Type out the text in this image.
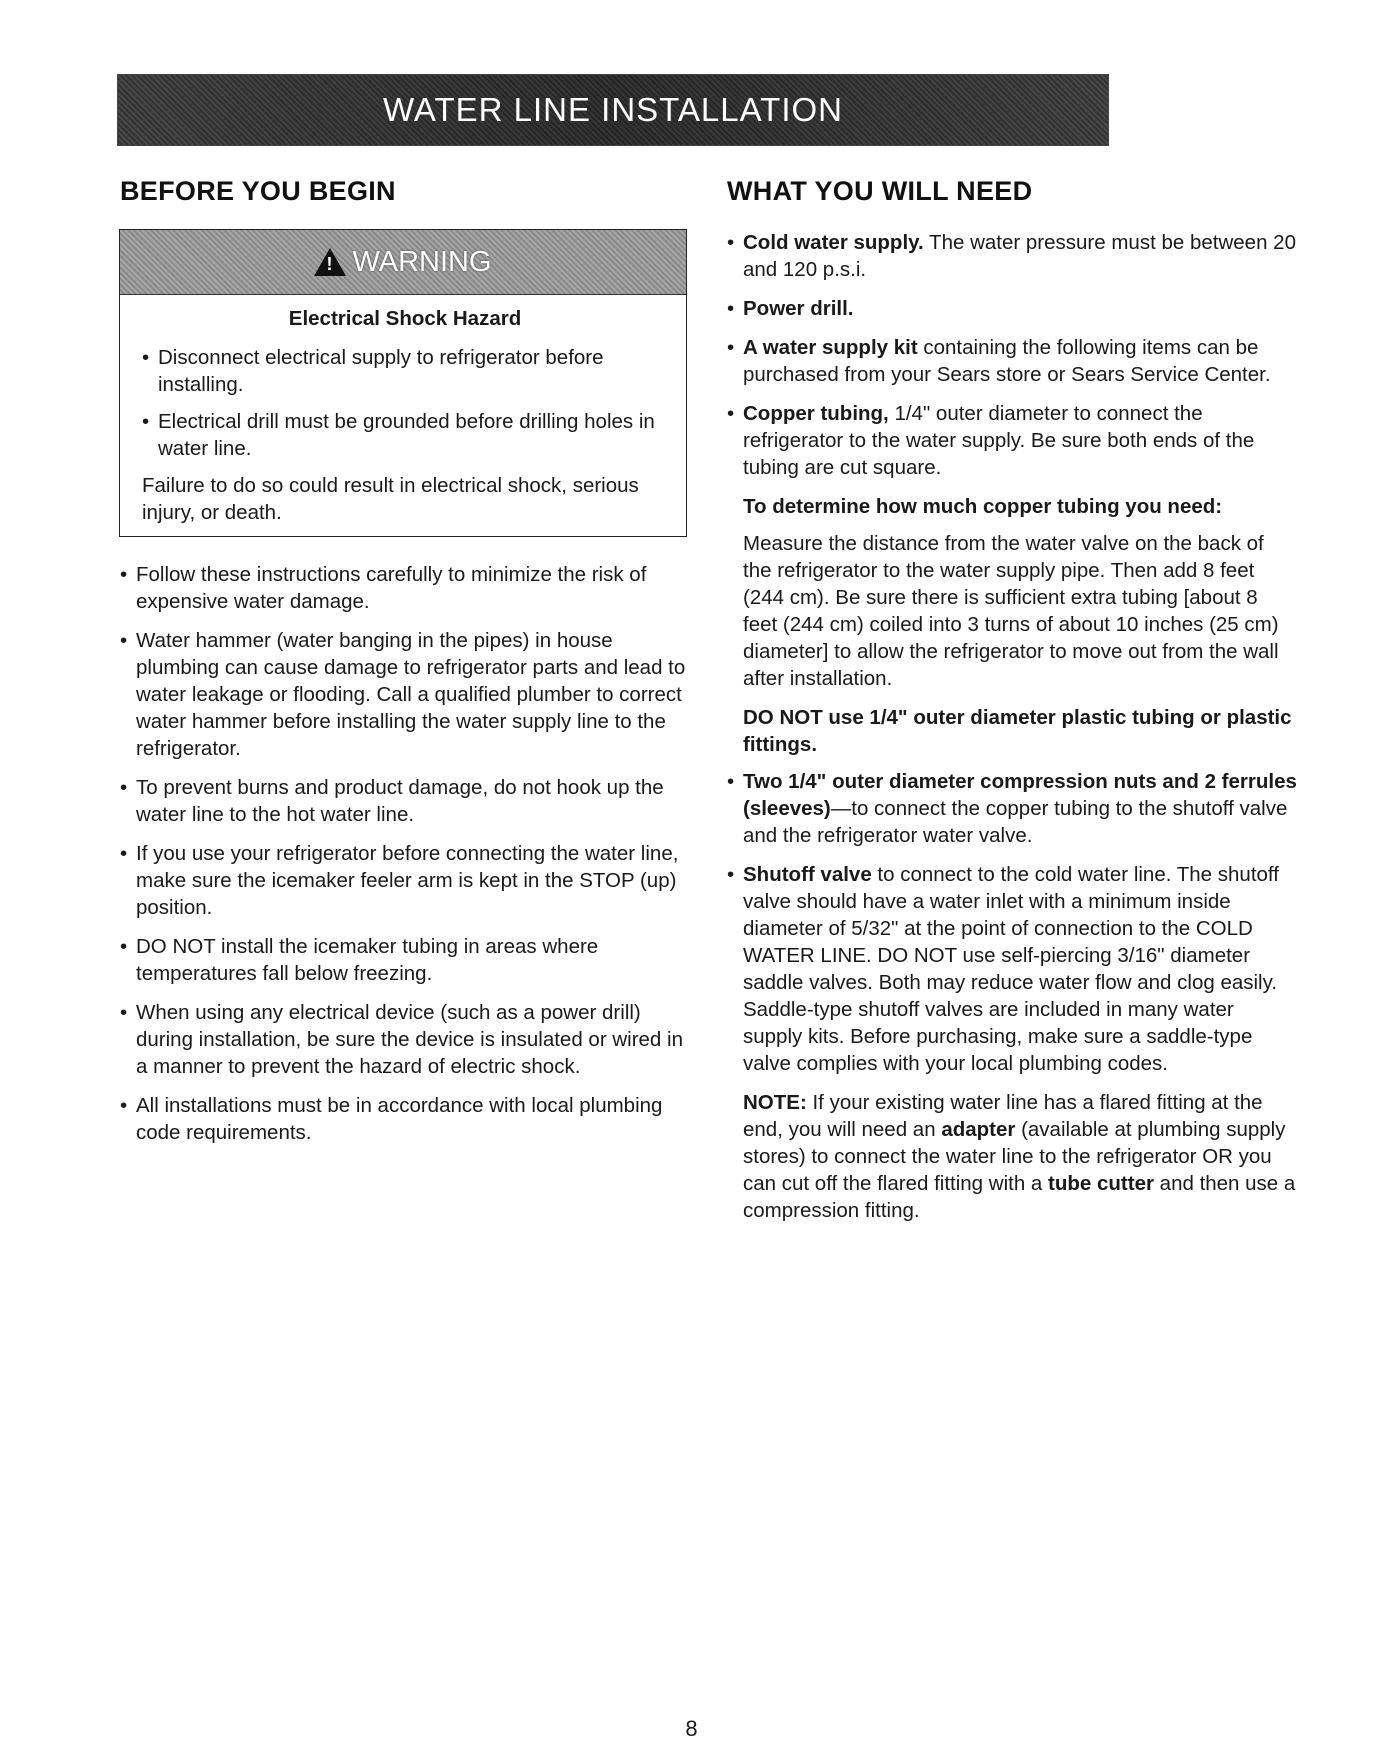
WATER LINE INSTALLATION
BEFORE YOU BEGIN
!
WARNING
Electrical Shock Hazard
• Disconnect electrical supply to refrigerator before installing.
• Electrical drill must be grounded before drilling holes in water line.
Failure to do so could result in electrical shock, serious injury, or death.
• Follow these instructions carefully to minimize the risk of expensive water damage.
• Water hammer (water banging in the pipes) in house plumbing can cause damage to refrigerator parts and lead to water leakage or flooding. Call a qualified plumber to correct water hammer before installing the water supply line to the refrigerator.
• To prevent burns and product damage, do not hook up the water line to the hot water line.
• If you use your refrigerator before connecting the water line, make sure the icemaker feeler arm is kept in the STOP (up) position.
• DO NOT install the icemaker tubing in areas where temperatures fall below freezing.
• When using any electrical device (such as a power drill) during installation, be sure the device is insulated or wired in a manner to prevent the hazard of electric shock.
• All installations must be in accordance with local plumbing code requirements.
WHAT YOU WILL NEED
• Cold water supply. The water pressure must be between 20 and 120 p.s.i.
• Power drill.
• A water supply kit containing the following items can be purchased from your Sears store or Sears Service Center.
• Copper tubing, 1/4" outer diameter to connect the refrigerator to the water supply. Be sure both ends of the tubing are cut square.
To determine how much copper tubing you need:
Measure the distance from the water valve on the back of the refrigerator to the water supply pipe. Then add 8 feet (244 cm). Be sure there is sufficient extra tubing [about 8 feet (244 cm) coiled into 3 turns of about 10 inches (25 cm) diameter] to allow the refrigerator to move out from the wall after installation.
DO NOT use 1/4" outer diameter plastic tubing or plastic fittings.
• Two 1/4" outer diameter compression nuts and 2 ferrules (sleeves)—to connect the copper tubing to the shutoff valve and the refrigerator water valve.
• Shutoff valve to connect to the cold water line. The shutoff valve should have a water inlet with a minimum inside diameter of 5/32" at the point of connection to the COLD WATER LINE. DO NOT use self-piercing 3/16" diameter saddle valves. Both may reduce water flow and clog easily. Saddle-type shutoff valves are included in many water supply kits. Before purchasing, make sure a saddle-type valve complies with your local plumbing codes.
NOTE: If your existing water line has a flared fitting at the end, you will need an adapter (available at plumbing supply stores) to connect the water line to the refrigerator OR you can cut off the flared fitting with a tube cutter and then use a compression fitting.
8
